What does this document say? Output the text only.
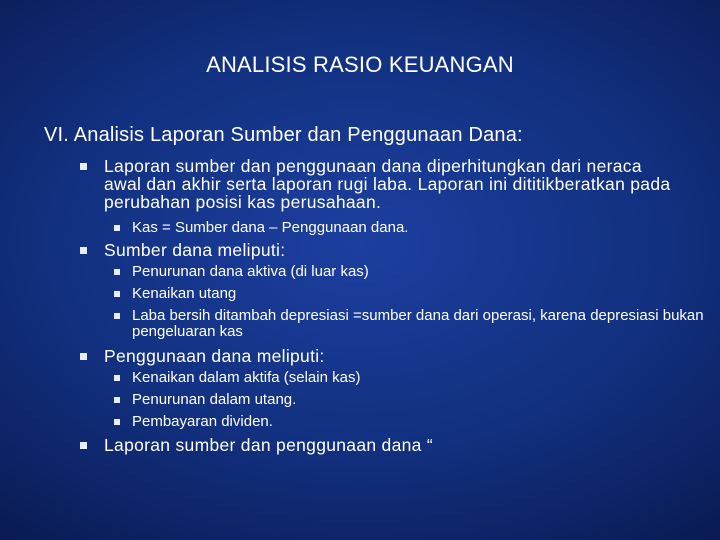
ANALISIS RASIO KEUANGAN
VI. Analisis Laporan Sumber dan Penggunaan Dana:
Laporan sumber dan penggunaan dana diperhitungkan dari neraca awal dan akhir serta laporan rugi laba. Laporan ini dititikberatkan pada perubahan posisi kas perusahaan.
Kas = Sumber dana – Penggunaan dana.
Sumber dana meliputi:
Penurunan dana aktiva (di luar kas)
Kenaikan utang
Laba bersih ditambah depresiasi =sumber dana dari operasi, karena depresiasi bukan pengeluaran kas
Penggunaan dana meliputi:
Kenaikan dalam aktifa (selain kas)
Penurunan dalam utang.
Pembayaran dividen.
Laporan sumber dan penggunaan dana “
